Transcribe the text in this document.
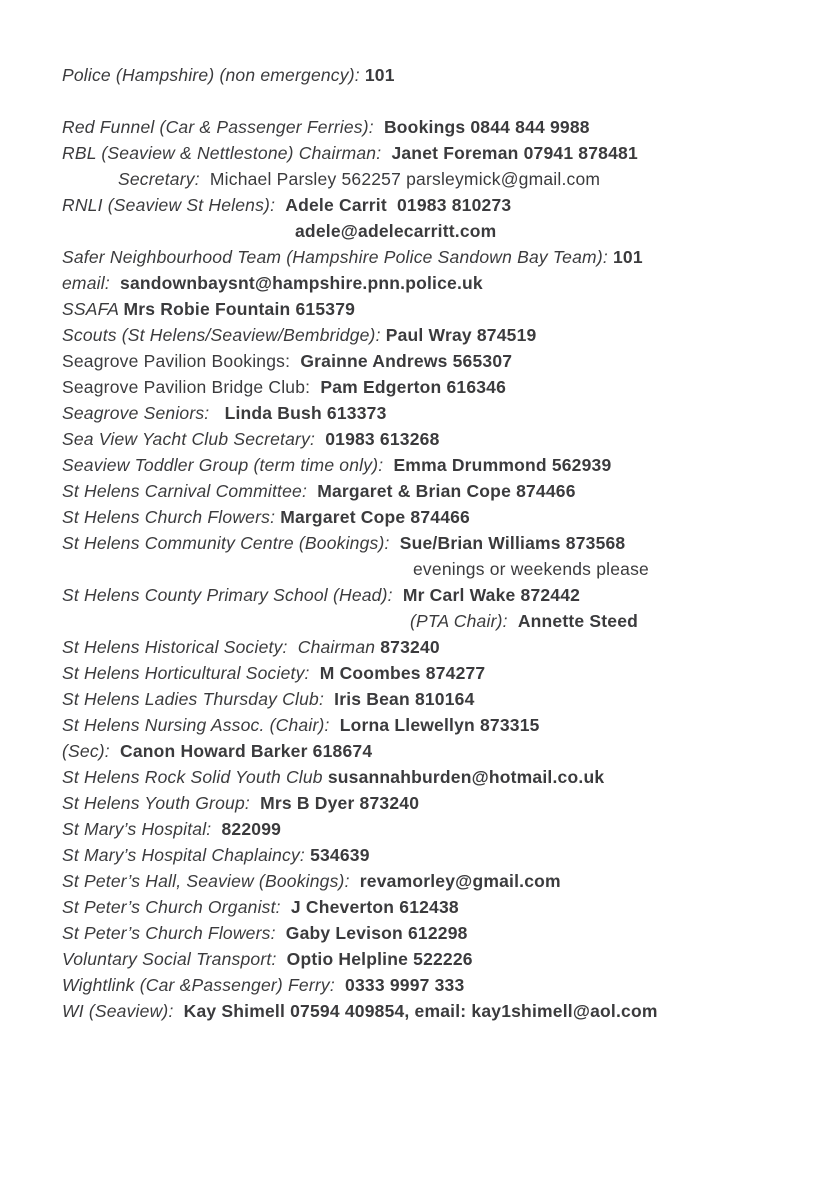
Police (Hampshire) (non emergency): 101
Red Funnel (Car & Passenger Ferries):  Bookings 0844 844 9988
RBL (Seaview & Nettlestone) Chairman:  Janet Foreman 07941 878481
Secretary:  Michael Parsley 562257 parsleymick@gmail.com
RNLI (Seaview St Helens):  Adele Carrit  01983 810273
adele@adelecarritt.com
Safer Neighbourhood Team (Hampshire Police Sandown Bay Team): 101
email:  sandownbaysnt@hampshire.pnn.police.uk
SSAFA Mrs Robie Fountain 615379
Scouts (St Helens/Seaview/Bembridge): Paul Wray 874519
Seagrove Pavilion Bookings:  Grainne Andrews 565307
Seagrove Pavilion Bridge Club:  Pam Edgerton 616346
Seagrove Seniors:   Linda Bush 613373
Sea View Yacht Club Secretary:  01983 613268
Seaview Toddler Group (term time only):  Emma Drummond 562939
St Helens Carnival Committee:  Margaret & Brian Cope 874466
St Helens Church Flowers: Margaret Cope 874466
St Helens Community Centre (Bookings):  Sue/Brian Williams 873568
evenings or weekends please
St Helens County Primary School (Head):  Mr Carl Wake 872442
(PTA Chair):  Annette Steed
St Helens Historical Society:  Chairman 873240
St Helens Horticultural Society:  M Coombes 874277
St Helens Ladies Thursday Club:  Iris Bean 810164
St Helens Nursing Assoc. (Chair):  Lorna Llewellyn 873315
(Sec):  Canon Howard Barker 618674
St Helens Rock Solid Youth Club susannahburden@hotmail.co.uk
St Helens Youth Group:  Mrs B Dyer 873240
St Mary’s Hospital:  822099
St Mary’s Hospital Chaplaincy: 534639
St Peter’s Hall, Seaview (Bookings):  revamorley@gmail.com
St Peter’s Church Organist:  J Cheverton 612438
St Peter’s Church Flowers:  Gaby Levison 612298
Voluntary Social Transport:  Optio Helpline 522226
Wightlink (Car &Passenger) Ferry:  0333 9997 333
WI (Seaview):  Kay Shimell 07594 409854, email: kay1shimell@aol.com
